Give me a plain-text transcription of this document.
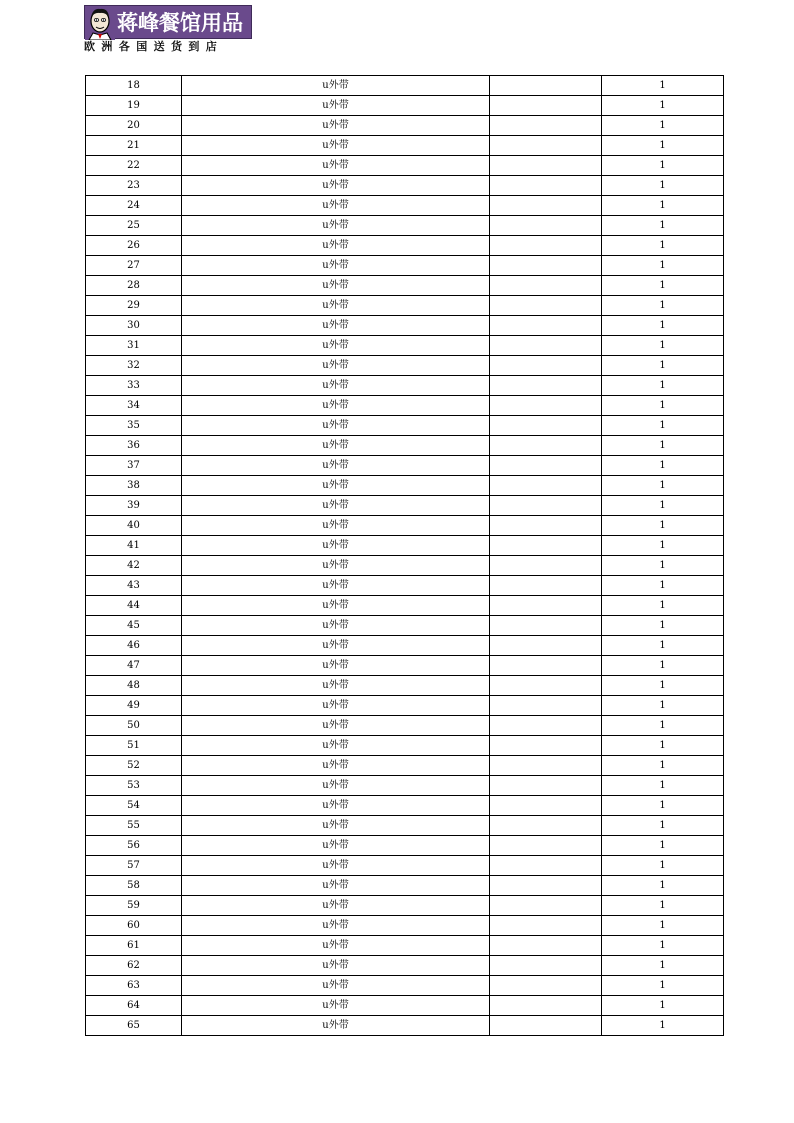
蒋峰餐馆用品
欧洲各国送货到店
18	u外带		1
19	u外带		1
20	u外带		1
21	u外带		1
22	u外带		1
23	u外带		1
24	u外带		1
25	u外带		1
26	u外带		1
27	u外带		1
28	u外带		1
29	u外带		1
30	u外带		1
31	u外带		1
32	u外带		1
33	u外带		1
34	u外带		1
35	u外带		1
36	u外带		1
37	u外带		1
38	u外带		1
39	u外带		1
40	u外带		1
41	u外带		1
42	u外带		1
43	u外带		1
44	u外带		1
45	u外带		1
46	u外带		1
47	u外带		1
48	u外带		1
49	u外带		1
50	u外带		1
51	u外带		1
52	u外带		1
53	u外带		1
54	u外带		1
55	u外带		1
56	u外带		1
57	u外带		1
58	u外带		1
59	u外带		1
60	u外带		1
61	u外带		1
62	u外带		1
63	u外带		1
64	u外带		1
65	u外带		1
